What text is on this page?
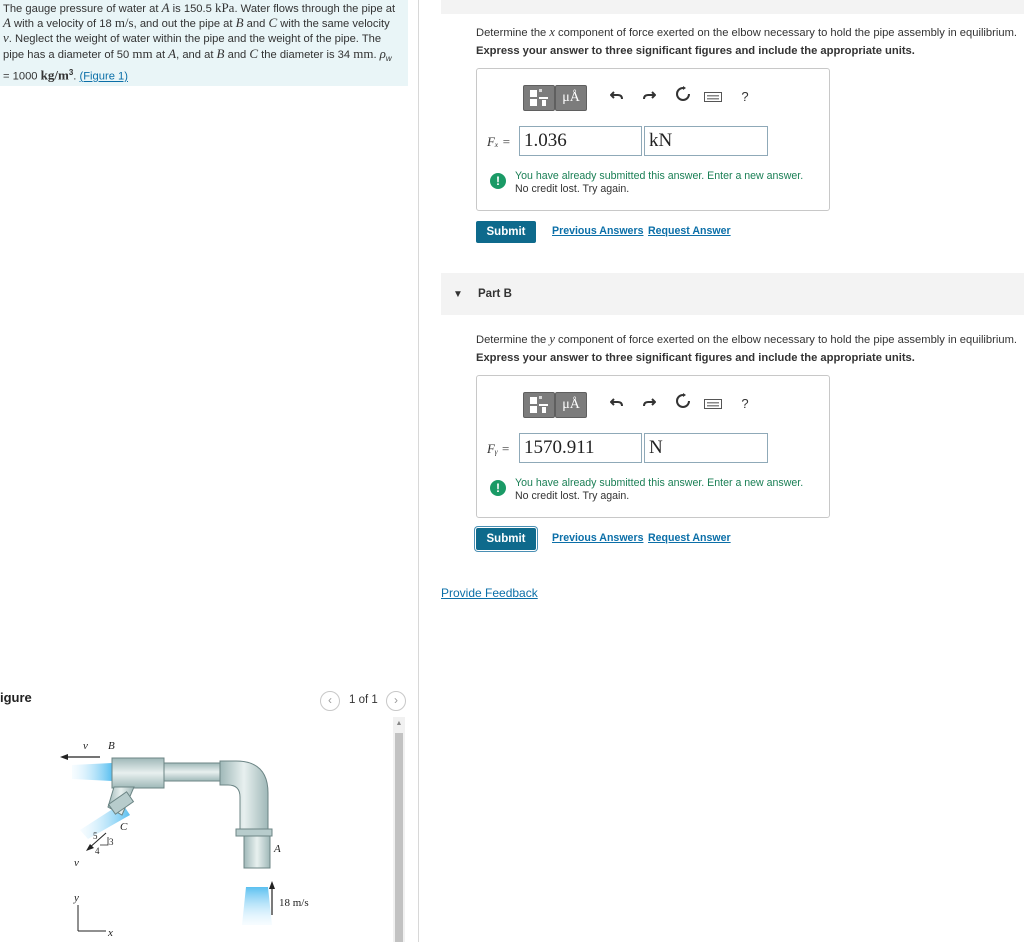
The gauge pressure of water at A is 150.5 kPa. Water flows through the pipe at A with a velocity of 18 m/s, and out the pipe at B and C with the same velocity v. Neglect the weight of water within the pipe and the weight of the pipe. The pipe has a diameter of 50 mm at A, and at B and C the diameter is 34 mm. $\rho_w = 1000$ $kg/m^3$. (Figure 1)

Determine the x component of force exerted on the elbow necessary to hold the pipe assembly in equilibrium.
Express your answer to three significant figures and include the appropriate units.
μÅ	?
Fₓ = 1.036	kN
!	You have already submitted this answer. Enter a new answer.
No credit lost. Try again.
Submit	Previous Answers Request Answer
▼ Part B
Determine the y component of force exerted on the elbow necessary to hold the pipe assembly in equilibrium.
Express your answer to three significant figures and include the appropriate units.
μÅ	?
Fᵧ = 1570.911	N
!	You have already submitted this answer. Enter a new answer.
No credit lost. Try again.
Submit	Previous Answers Request Answer
Provide Feedback
igure	‹	1 of 1	›
▲
v B
C
A
5
3
4
v
18 m/s
y
x
